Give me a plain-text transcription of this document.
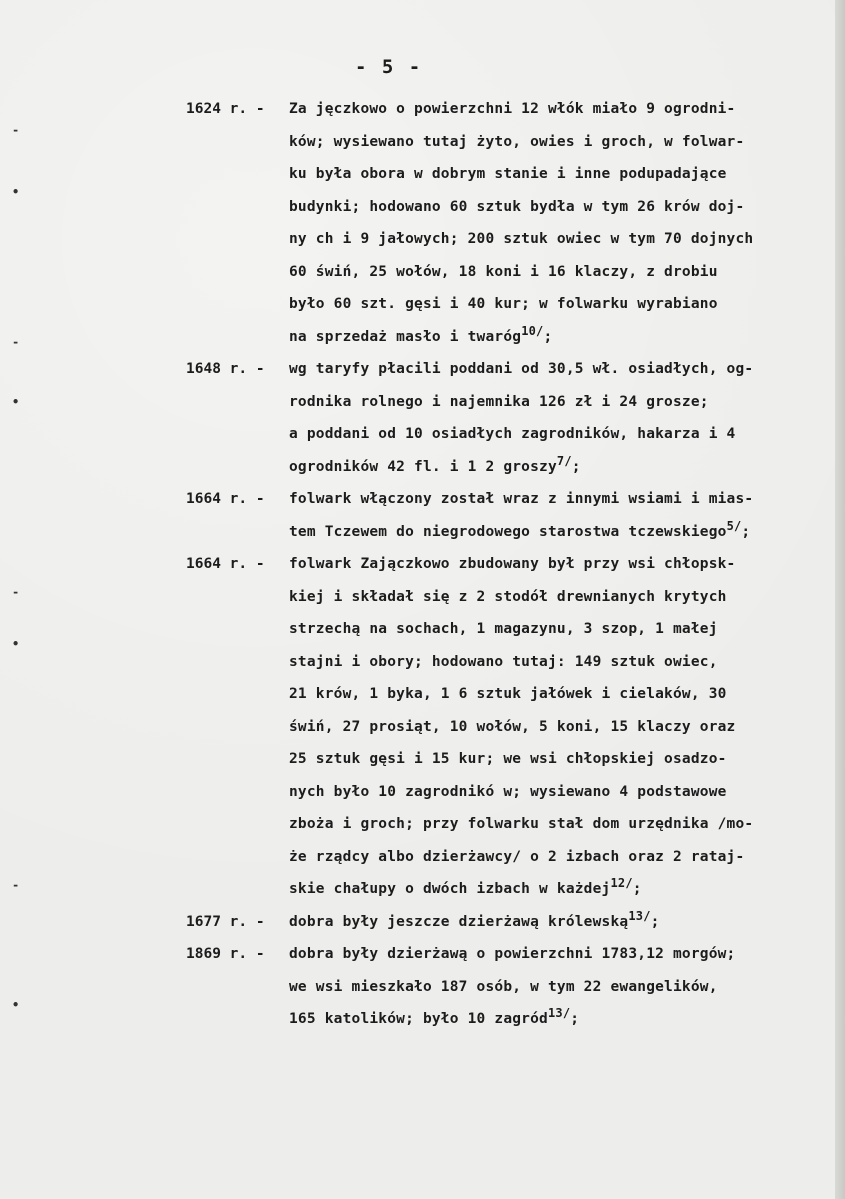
- 5 -
-
•
-
•
-
•
-
•
1624 r. -	Za jęczkowo o powierzchni 12 włók miało 9 ogrodni-
ków; wysiewano tutaj żyto, owies i groch, w folwar-
ku była obora w dobrym stanie i inne podupadające
budynki; hodowano 60 sztuk bydła w tym 26 krów doj-
ny ch i 9 jałowych; 200 sztuk owiec w tym 70 dojnych
60 świń, 25 wołów, 18 koni i 16 klaczy, z drobiu
było 60 szt. gęsi i 40 kur; w folwarku wyrabiano
na sprzedaż masło i twaróg$^{10/}$;
1648 r. -	wg taryfy płacili poddani od 30,5 wł. osiadłych, og-
rodnika rolnego i najemnika 126 zł i 24 grosze;
a poddani od 10 osiadłych zagrodników, hakarza i 4
ogrodników 42 fl. i 1 2 groszy$^{7/}$;
1664 r. -	folwark włączony został wraz z innymi wsiami i mias-
tem Tczewem do niegrodowego starostwa tczewskiego$^{5/}$;
1664 r. -	folwark Zajączkowo zbudowany był przy wsi chłopsk-
kiej i składał się z 2 stodół drewnianych krytych
strzechą na sochach, 1 magazynu, 3 szop, 1 małej
stajni i obory; hodowano tutaj: 149 sztuk owiec,
21 krów, 1 byka, 1 6 sztuk jałówek i cielaków, 30
świń, 27 prosiąt, 10 wołów, 5 koni, 15 klaczy oraz
25 sztuk gęsi i 15 kur; we wsi chłopskiej osadzo-
nych było 10 zagrodnikó w; wysiewano 4 podstawowe
zboża i groch; przy folwarku stał dom urzędnika /mo-
że rządcy albo dzierżawcy/ o 2 izbach oraz 2 rataj-
skie chałupy o dwóch izbach w każdej$^{12/}$;
1677 r. -	dobra były jeszcze dzierżawą królewską$^{13/}$;
1869 r. -	dobra były dzierżawą o powierzchni 1783,12 morgów;
we wsi mieszkało 187 osób, w tym 22 ewangelików,
165 katolików; było 10 zagród$^{13/}$;
